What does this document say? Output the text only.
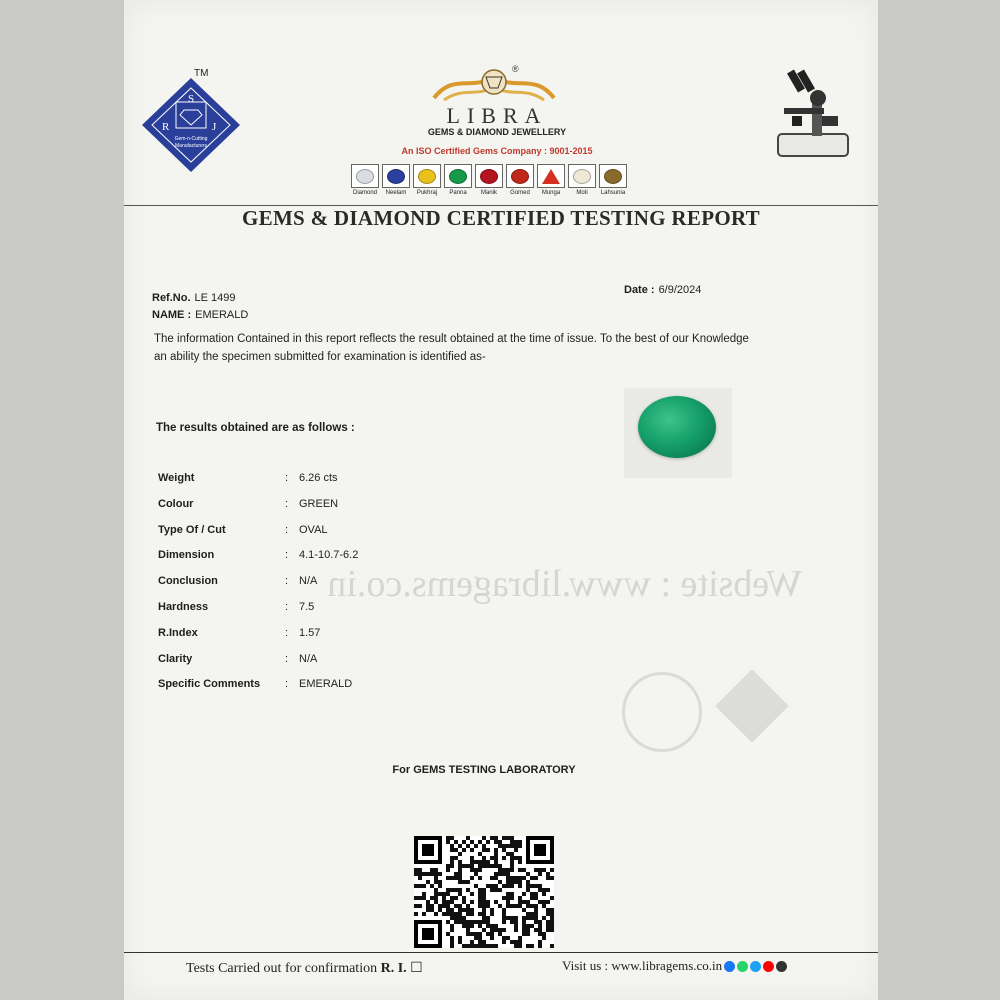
S
R	J
Gem-n-Cutting
Manufacturers
TM	®
LIBRA
GEMS & DIAMOND JEWELLERY
An ISO Certified Gems Company : 9001-2015
Diamond Neelam Pukhraj Panna Manik Gomed Munga	Moti Lahsunia
GEMS & DIAMOND CERTIFIED TESTING REPORT
Ref.No. LE 1499
NAME : EMERALD
Date : 6/9/2024
The information Contained in this report reflects the result obtained at the time of issue. To the best of our Knowledge an ability the specimen submitted for examination is identified as-
The results obtained are as follows :
Weight	: 6.26 cts
Colour	: GREEN
Type Of / Cut	: OVAL
Dimension	: 4.1-10.7-6.2
Conclusion	: N/A
Hardness	: 7.5
R.Index	: 1.57
Clarity	: N/A
Specific Comments : EMERALD
Website : www.libragems.co.in
For GEMS TESTING LABORATORY
Tests Carried out for confirmation R. I. ☐	Visit us : www.libragems.co.in
